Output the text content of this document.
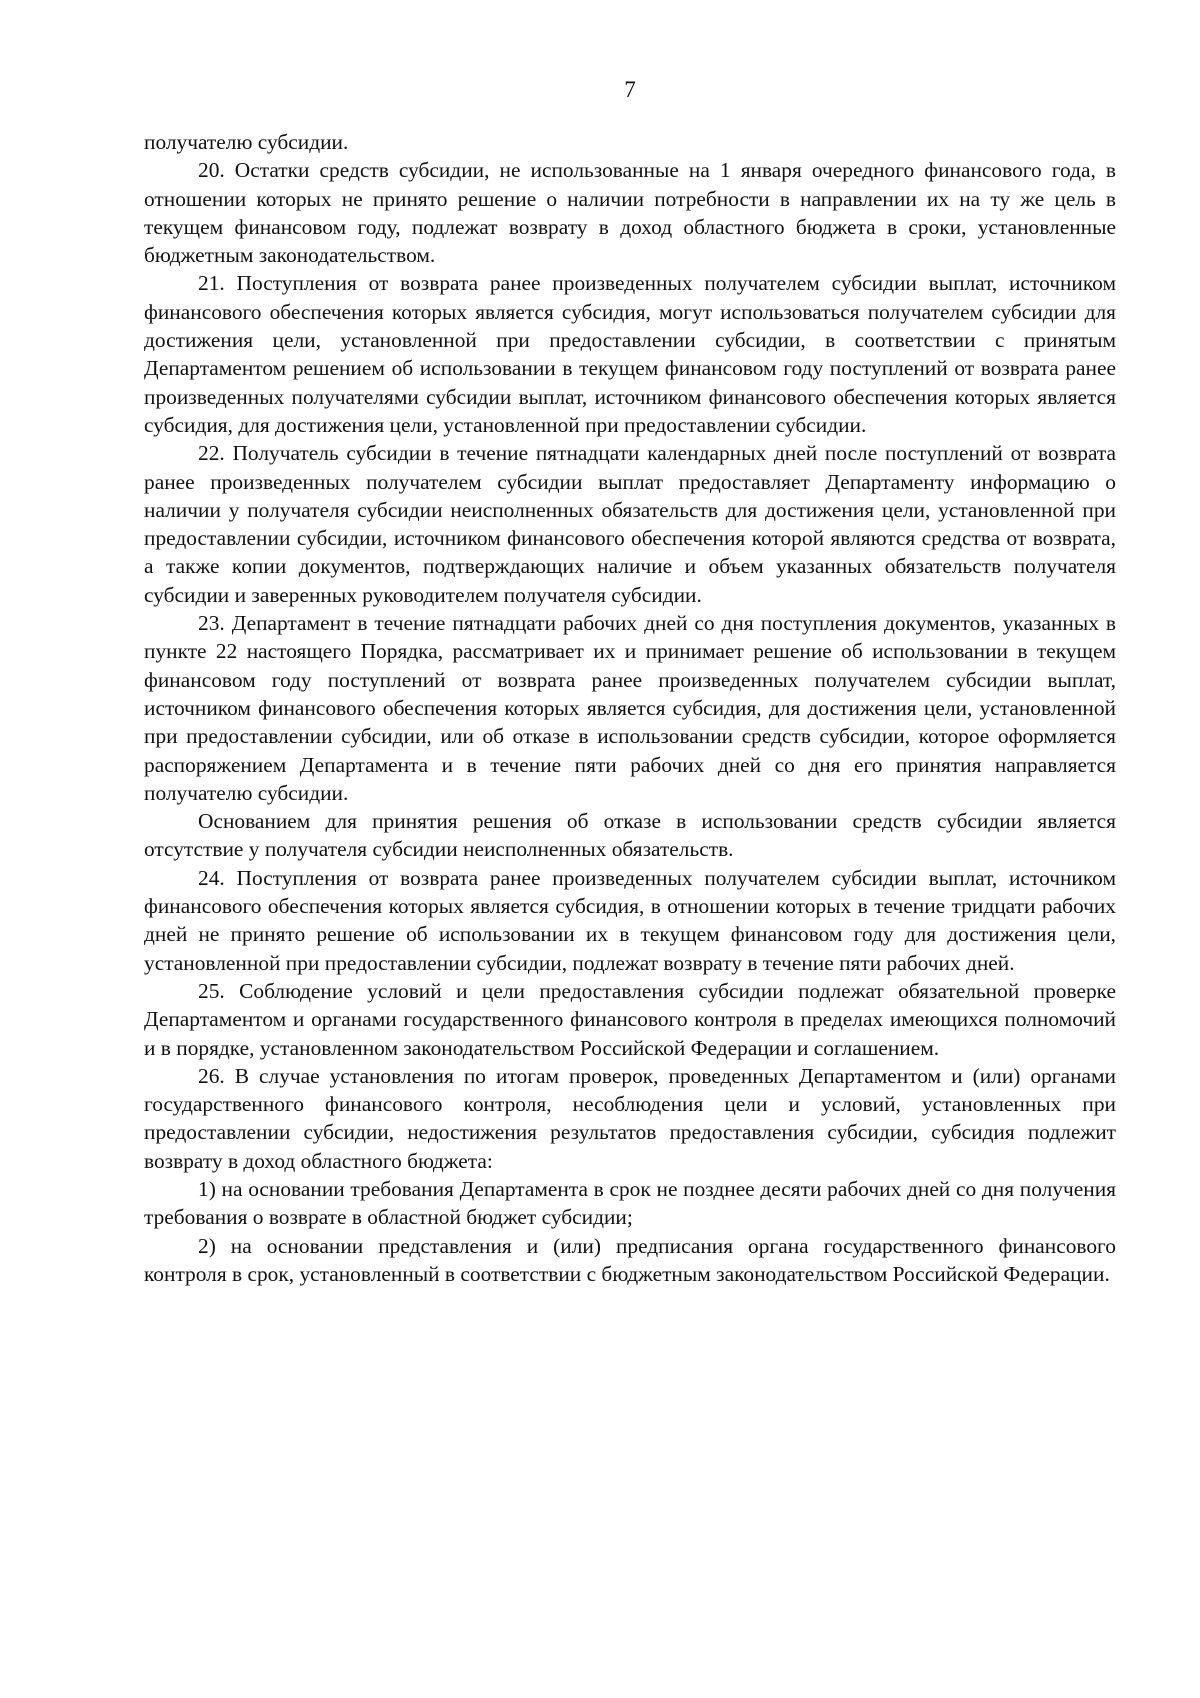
7

получателю субсидии.

20. Остатки средств субсидии, не использованные на 1 января очередного финансового года, в отношении которых не принято решение о наличии потребности в направлении их на ту же цель в текущем финансовом году, подлежат возврату в доход областного бюджета в сроки, установленные бюджетным законодательством.

21. Поступления от возврата ранее произведенных получателем субсидии выплат, источником финансового обеспечения которых является субсидия, могут использоваться получателем субсидии для достижения цели, установленной при предоставлении субсидии, в соответствии с принятым Департаментом решением об использовании в текущем финансовом году поступлений от возврата ранее произведенных получателями субсидии выплат, источником финансового обеспечения которых является субсидия, для достижения цели, установленной при предоставлении субсидии.

22. Получатель субсидии в течение пятнадцати календарных дней после поступлений от возврата ранее произведенных получателем субсидии выплат предоставляет Департаменту информацию о наличии у получателя субсидии неисполненных обязательств для достижения цели, установленной при предоставлении субсидии, источником финансового обеспечения которой являются средства от возврата, а также копии документов, подтверждающих наличие и объем указанных обязательств получателя субсидии и заверенных руководителем получателя субсидии.

23. Департамент в течение пятнадцати рабочих дней со дня поступления документов, указанных в пункте 22 настоящего Порядка, рассматривает их и принимает решение об использовании в текущем финансовом году поступлений от возврата ранее произведенных получателем субсидии выплат, источником финансового обеспечения которых является субсидия, для достижения цели, установленной при предоставлении субсидии, или об отказе в использовании средств субсидии, которое оформляется распоряжением Департамента и в течение пяти рабочих дней со дня его принятия направляется получателю субсидии.

Основанием для принятия решения об отказе в использовании средств субсидии является отсутствие у получателя субсидии неисполненных обязательств.

24. Поступления от возврата ранее произведенных получателем субсидии выплат, источником финансового обеспечения которых является субсидия, в отношении которых в течение тридцати рабочих дней не принято решение об использовании их в текущем финансовом году для достижения цели, установленной при предоставлении субсидии, подлежат возврату в течение пяти рабочих дней.

25. Соблюдение условий и цели предоставления субсидии подлежат обязательной проверке Департаментом и органами государственного финансового контроля в пределах имеющихся полномочий и в порядке, установленном законодательством Российской Федерации и соглашением.

26. В случае установления по итогам проверок, проведенных Департаментом и (или) органами государственного финансового контроля, несоблюдения цели и условий, установленных при предоставлении субсидии, недостижения результатов предоставления субсидии, субсидия подлежит возврату в доход областного бюджета:

1) на основании требования Департамента в срок не позднее десяти рабочих дней со дня получения требования о возврате в областной бюджет субсидии;

2) на основании представления и (или) предписания органа государственного финансового контроля в срок, установленный в соответствии с бюджетным законодательством Российской Федерации.
